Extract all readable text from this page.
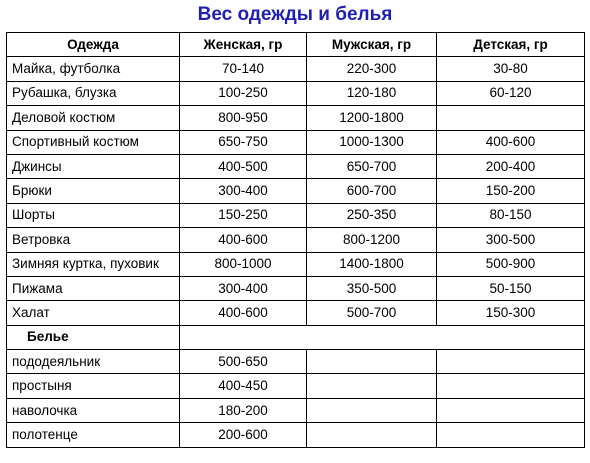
Вес одежды и белья
Одежда	Женская, гр	Мужская, гр	Детская, гр
Майка, футболка	70-140	220-300	30-80
Рубашка, блузка	100-250	120-180	60-120
Деловой костюм	800-950	1200-1800	
Спортивный костюм	650-750	1000-1300	400-600
Джинсы	400-500	650-700	200-400
Брюки	300-400	600-700	150-200
Шорты	150-250	250-350	80-150
Ветровка	400-600	800-1200	300-500
Зимняя куртка, пуховик	800-1000	1400-1800	500-900
Пижама	300-400	350-500	50-150
Халат	400-600	500-700	150-300
Белье			
пододеяльник	500-650		
простыня	400-450		
наволочка	180-200		
полотенце	200-600		
